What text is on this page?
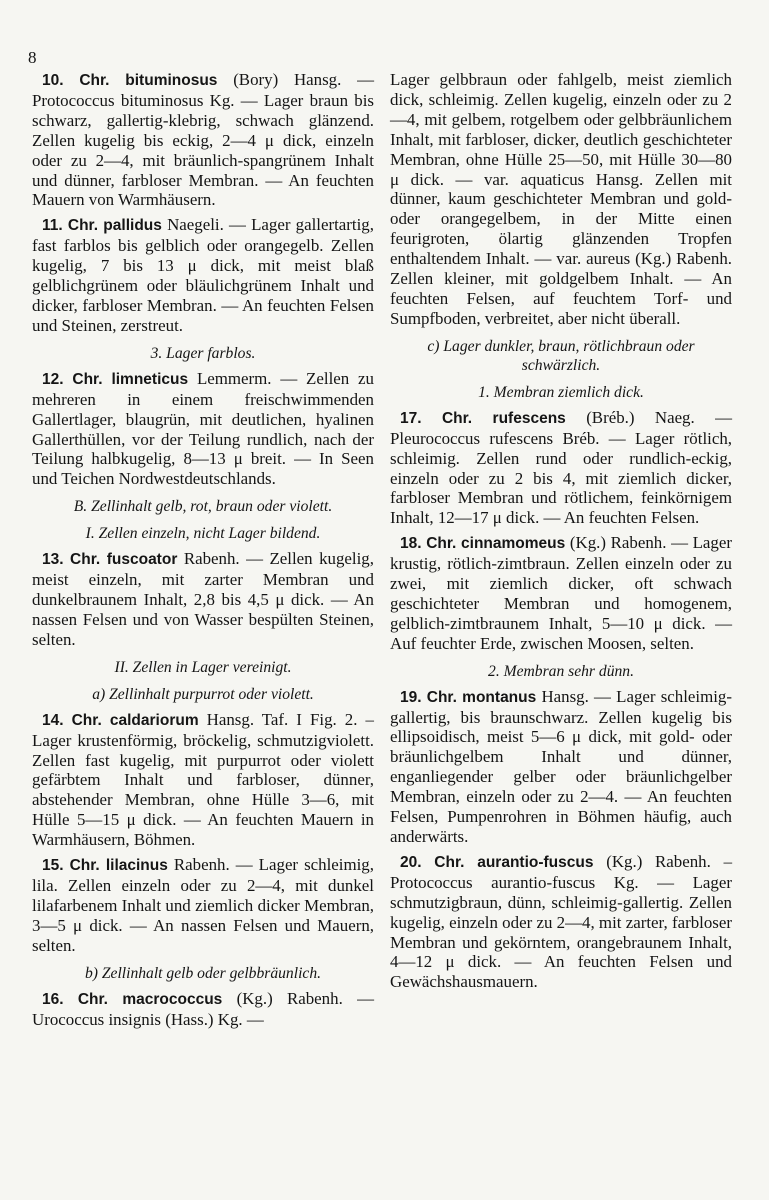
8

10. Chr. bituminosus (Bory) Hansg. — Protococcus bituminosus Kg. — Lager braun bis schwarz, gallertig-klebrig, schwach glänzend. Zellen kugelig bis eckig, 2—4 μ dick, einzeln oder zu 2—4, mit bräunlich-spangrünem Inhalt und dünner, farbloser Membran. — An feuchten Mauern von Warmhäusern.

11. Chr. pallidus Naegeli. — Lager gallertartig, fast farblos bis gelblich oder orangegelb. Zellen kugelig, 7 bis 13 μ dick, mit meist blaß gelblichgrünem oder bläulichgrünem Inhalt und dicker, farbloser Membran. — An feuchten Felsen und Steinen, zerstreut.

3. Lager farblos.

12. Chr. limneticus Lemmerm. — Zellen zu mehreren in einem freischwimmenden Gallertlager, blaugrün, mit deutlichen, hyalinen Gallerthüllen, vor der Teilung rundlich, nach der Teilung halbkugelig, 8—13 μ breit. — In Seen und Teichen Nordwestdeutschlands.

B. Zellinhalt gelb, rot, braun oder violett.
I. Zellen einzeln, nicht Lager bildend.

13. Chr. fuscoator Rabenh. — Zellen kugelig, meist einzeln, mit zarter Membran und dunkelbraunem Inhalt, 2,8 bis 4,5 μ dick. — An nassen Felsen und von Wasser bespülten Steinen, selten.

II. Zellen in Lager vereinigt.
a) Zellinhalt purpurrot oder violett.

14. Chr. caldariorum Hansg. Taf. I Fig. 2. – Lager krustenförmig, bröckelig, schmutzigviolett. Zellen fast kugelig, mit purpurrot oder violett gefärbtem Inhalt und farbloser, dünner, abstehender Membran, ohne Hülle 3—6, mit Hülle 5—15 μ dick. — An feuchten Mauern in Warmhäusern, Böhmen.

15. Chr. lilacinus Rabenh. — Lager schleimig, lila. Zellen einzeln oder zu 2—4, mit dunkel lilafarbenem Inhalt und ziemlich dicker Membran, 3—5 μ dick. — An nassen Felsen und Mauern, selten.

b) Zellinhalt gelb oder gelbbräunlich.

16. Chr. macrococcus (Kg.) Rabenh. — Urococcus insignis (Hass.) Kg. —

Lager gelbbraun oder fahlgelb, meist ziemlich dick, schleimig. Zellen kugelig, einzeln oder zu 2—4, mit gelbem, rotgelbem oder gelbbräunlichem Inhalt, mit farbloser, dicker, deutlich geschichteter Membran, ohne Hülle 25—50, mit Hülle 30—80 μ dick. — var. aquaticus Hansg. Zellen mit dünner, kaum geschichteter Membran und gold- oder orangegelbem, in der Mitte einen feurigroten, ölartig glänzenden Tropfen enthaltendem Inhalt. — var. aureus (Kg.) Rabenh. Zellen kleiner, mit goldgelbem Inhalt. — An feuchten Felsen, auf feuchtem Torf- und Sumpfboden, verbreitet, aber nicht überall.

c) Lager dunkler, braun, rötlichbraun oder schwärzlich.
1. Membran ziemlich dick.

17. Chr. rufescens (Bréb.) Naeg. — Pleurococcus rufescens Bréb. — Lager rötlich, schleimig. Zellen rund oder rundlich-eckig, einzeln oder zu 2 bis 4, mit ziemlich dicker, farbloser Membran und rötlichem, feinkörnigem Inhalt, 12—17 μ dick. — An feuchten Felsen.

18. Chr. cinnamomeus (Kg.) Rabenh. — Lager krustig, rötlich-zimtbraun. Zellen einzeln oder zu zwei, mit ziemlich dicker, oft schwach geschichteter Membran und homogenem, gelblich-zimtbraunem Inhalt, 5—10 μ dick. — Auf feuchter Erde, zwischen Moosen, selten.

2. Membran sehr dünn.

19. Chr. montanus Hansg. — Lager schleimig-gallertig, bis braunschwarz. Zellen kugelig bis ellipsoidisch, meist 5—6 μ dick, mit gold- oder bräunlichgelbem Inhalt und dünner, enganliegender gelber oder bräunlichgelber Membran, einzeln oder zu 2—4. — An feuchten Felsen, Pumpenrohren in Böhmen häufig, auch anderwärts.

20. Chr. aurantio-fuscus (Kg.) Rabenh. – Protococcus aurantio-fuscus Kg. — Lager schmutzigbraun, dünn, schleimig-gallertig. Zellen kugelig, einzeln oder zu 2—4, mit zarter, farbloser Membran und gekörntem, orangebraunem Inhalt, 4—12 μ dick. — An feuchten Felsen und Gewächshausmauern.
